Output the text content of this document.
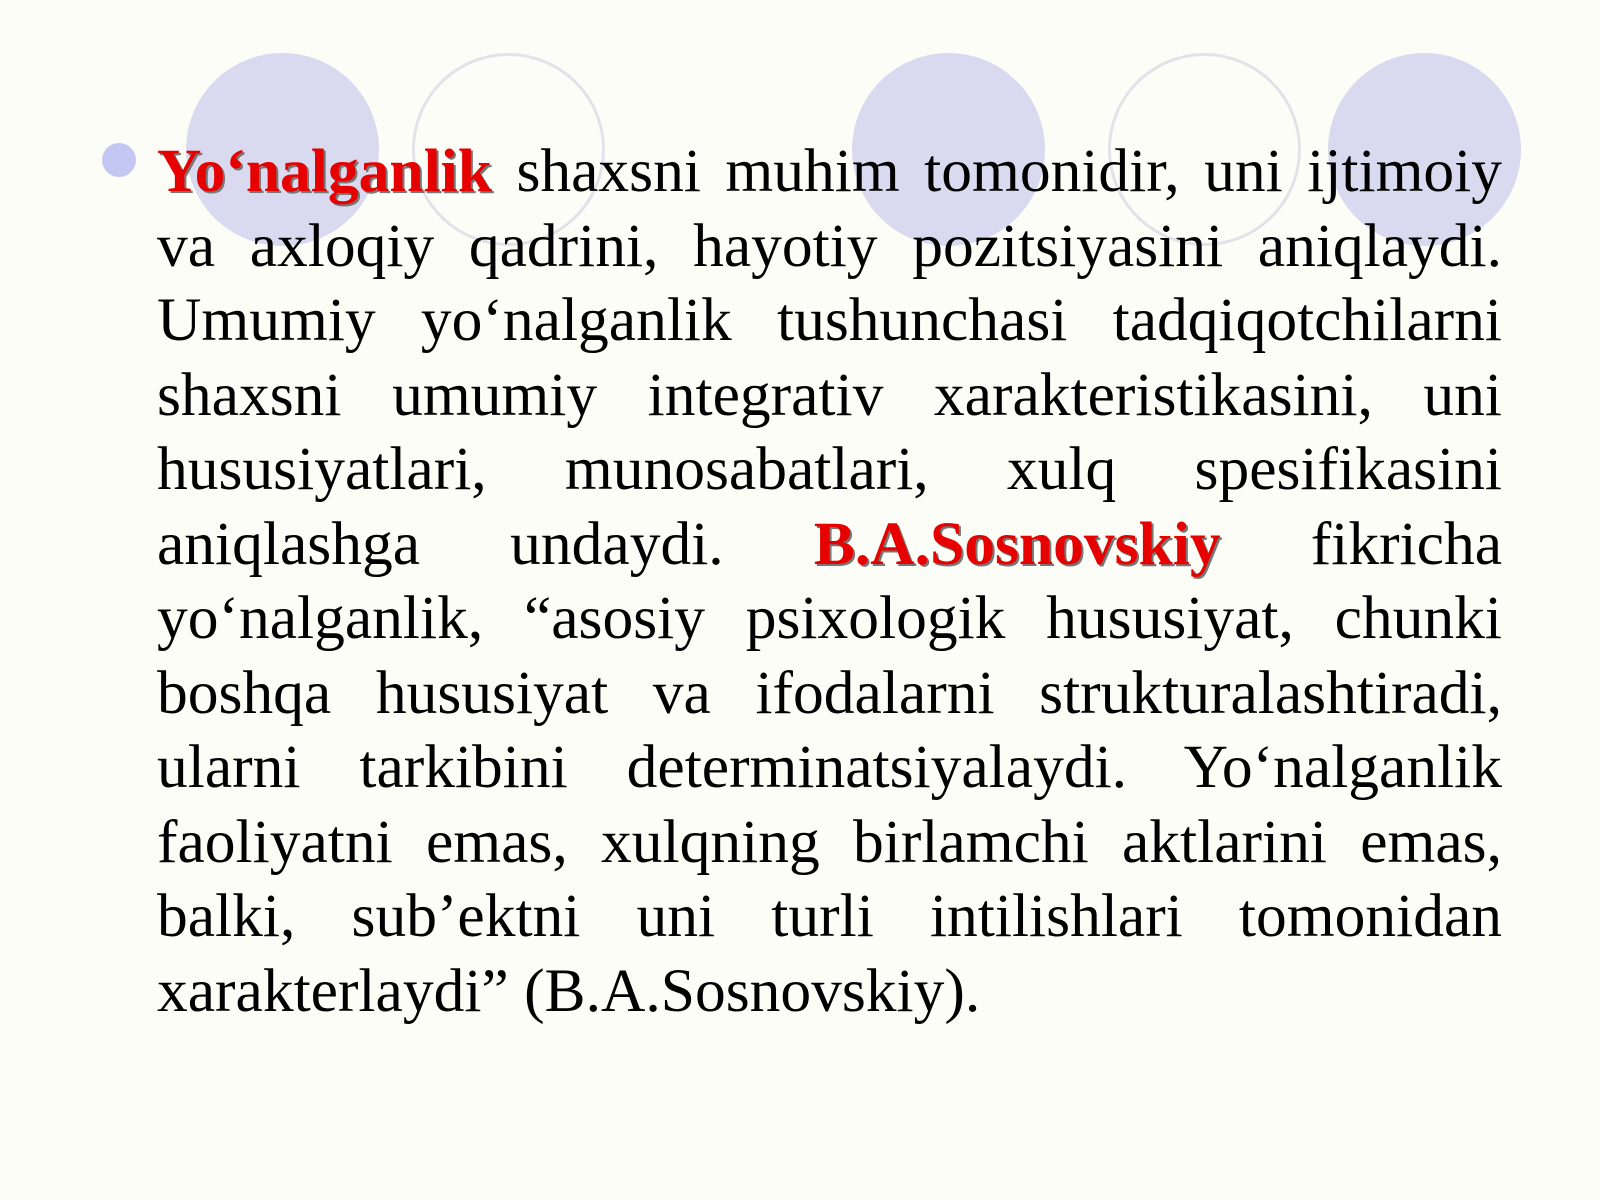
Yo‘nalganlik shaxsni muhim tomonidir, uni ijtimoiy va axloqiy qadrini, hayotiy pozitsiyasini aniqlaydi. Umumiy yo‘nalganlik tushunchasi tadqiqotchilarni shaxsni umumiy integrativ xarakteristikasini, uni hususiyatlari, munosabatlari, xulq spesifikasini aniqlashga undaydi. B.A.Sosnovskiy fikricha yo‘nalganlik, “asosiy psixologik hususiyat, chunki boshqa hususiyat va ifodalarni strukturalashtiradi, ularni tarkibini determinatsiyalaydi. Yo‘nalganlik faoliyatni emas, xulqning birlamchi aktlarini emas, balki, sub’ektni uni turli intilishlari tomonidan xarakterlaydi” (B.A.Sosnovskiy).
